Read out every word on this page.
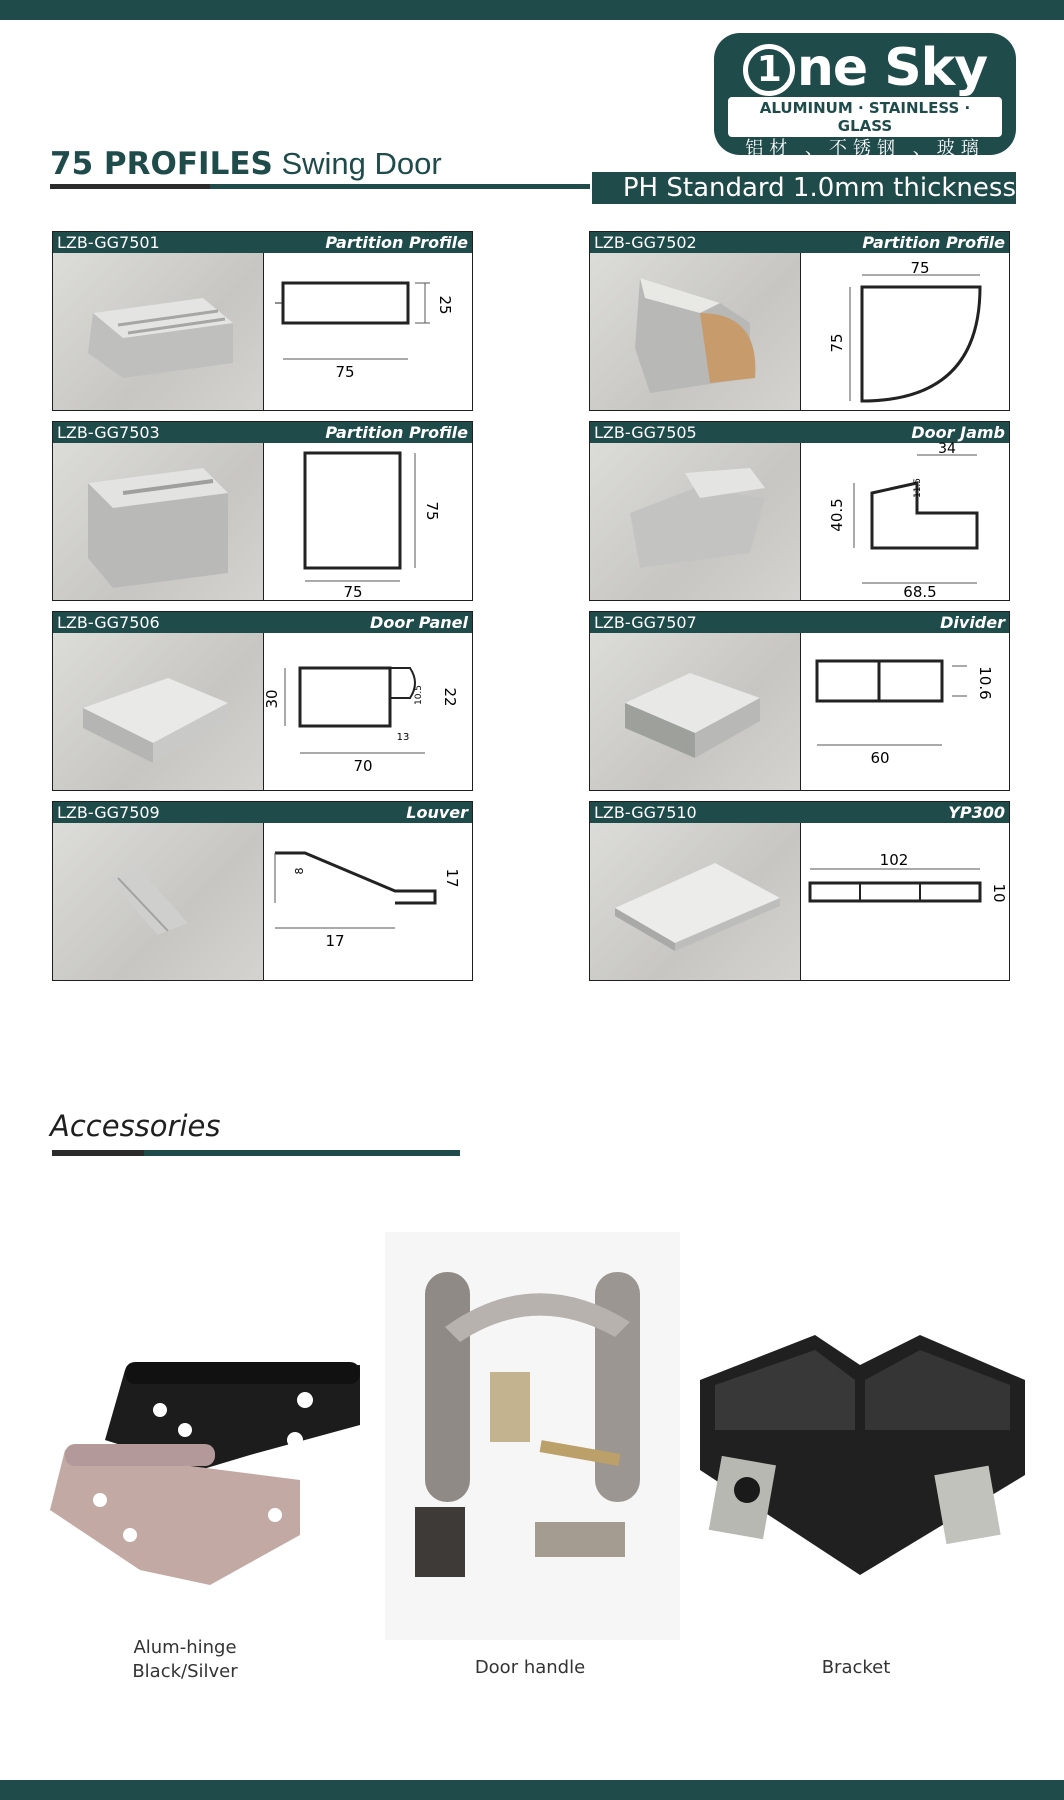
1 ne Sky
ALUMINUM · STAINLESS · GLASS
铝材 、不锈钢 、玻璃
75 PROFILES Swing Door
PH Standard 1.0mm thickness
LZB-GG7501	Partition Profile
25
75
LZB-GG7502	Partition Profile
75
75
LZB-GG7503	Partition Profile
75
75
LZB-GG7505	Door Jamb
34
40.5
11.5
68.5
LZB-GG7506	Door Panel
30	10.5 22
13
70
LZB-GG7507	Divider
10.6
60
LZB-GG7509	Louver
8	17
17
LZB-GG7510	YP300
102
10
Accessories
Alum-hinge
Black/Silver	Door handle	Bracket
